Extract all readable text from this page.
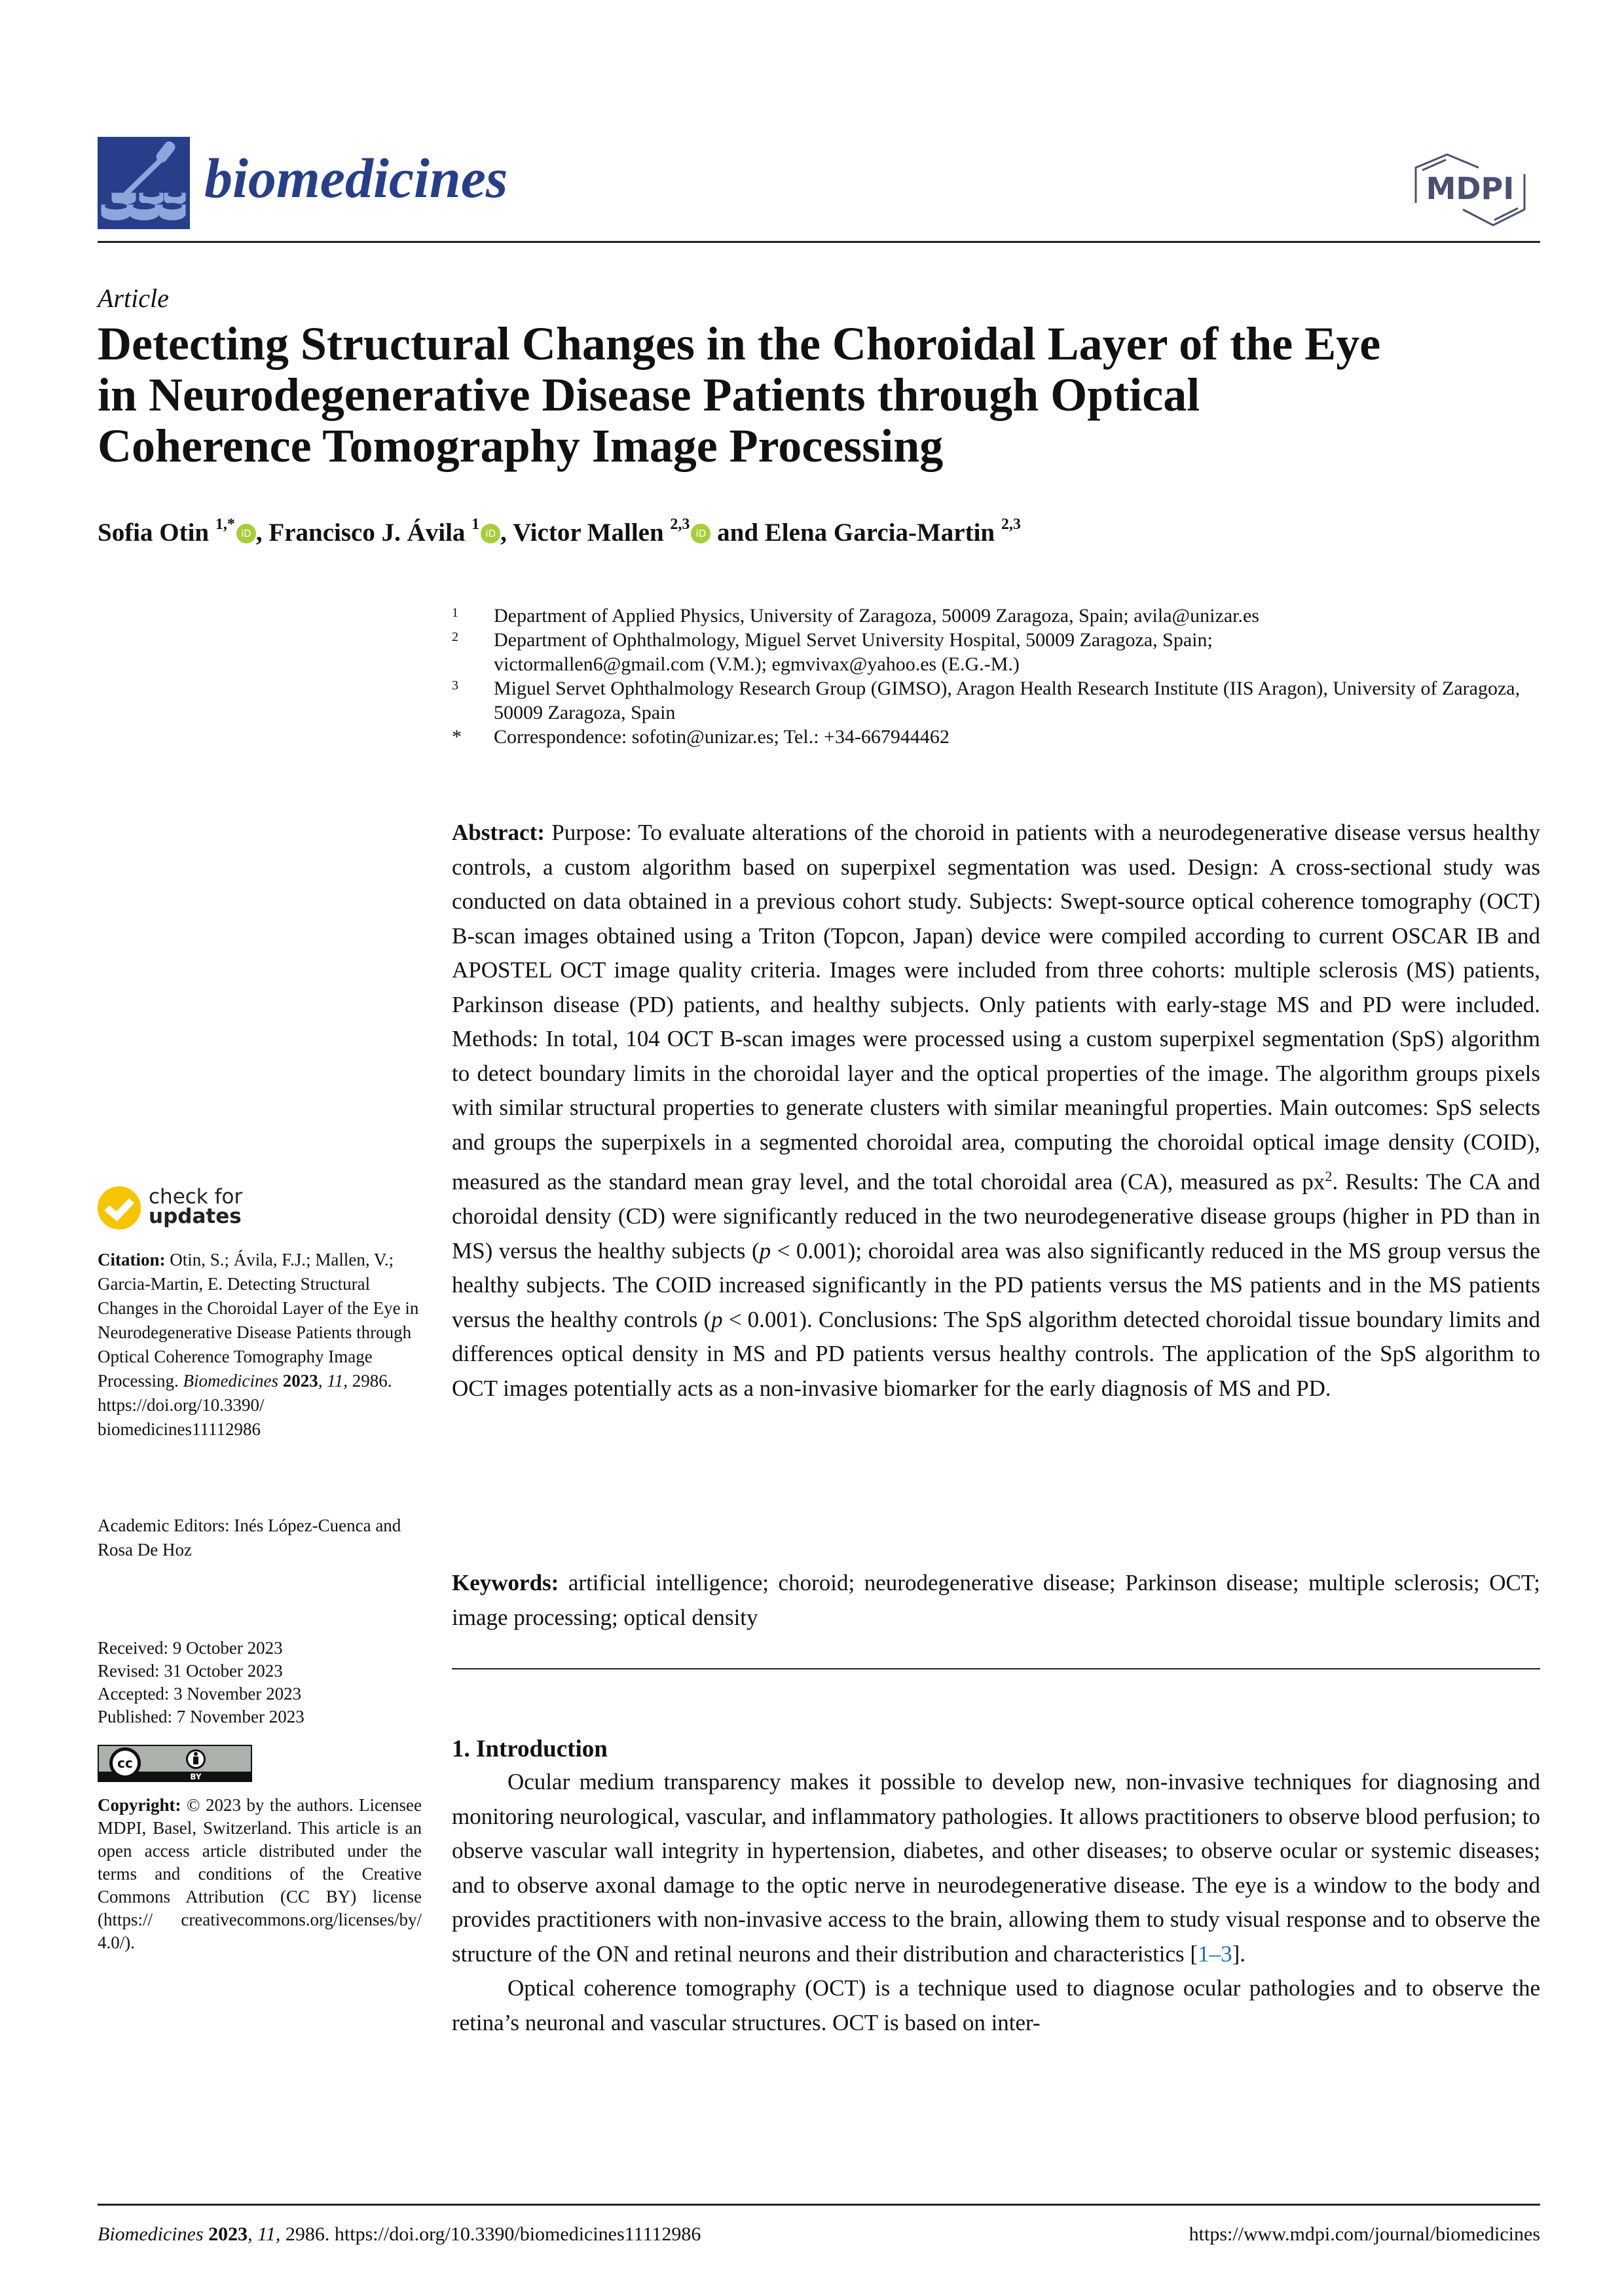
biomedicines	MDPI
Article
Detecting Structural Changes in the Choroidal Layer of the Eye
in Neurodegenerative Disease Patients through Optical
Coherence Tomography Image Processing
Sofia Otin $^{1,*}$iD , Francisco J. Ávila $^1$iD , Victor Mallen $^{2,3}$iD and Elena Garcia-Martin $^{2,3}$
1	Department of Applied Physics, University of Zaragoza, 50009 Zaragoza, Spain; avila@unizar.es
2	Department of Ophthalmology, Miguel Servet University Hospital, 50009 Zaragoza, Spain; victormallen6@gmail.com (V.M.); egmvivax@yahoo.es (E.G.-M.)
3	Miguel Servet Ophthalmology Research Group (GIMSO), Aragon Health Research Institute (IIS Aragon), University of Zaragoza, 50009 Zaragoza, Spain
*	Correspondence: sofotin@unizar.es; Tel.: +34-667944462
Abstract: Purpose: To evaluate alterations of the choroid in patients with a neurodegenerative disease versus healthy controls, a custom algorithm based on superpixel segmentation was used. Design: A cross-sectional study was conducted on data obtained in a previous cohort study. Subjects: Swept-source optical coherence tomography (OCT) B-scan images obtained using a Triton (Topcon, Japan) device were compiled according to current OSCAR IB and APOSTEL OCT image quality criteria. Images were included from three cohorts: multiple sclerosis (MS) patients, Parkinson disease (PD) patients, and healthy subjects. Only patients with early-stage MS and PD were included. Methods: In total, 104 OCT B-scan images were processed using a custom superpixel segmentation (SpS) algorithm to detect boundary limits in the choroidal layer and the optical properties of the image. The algorithm groups pixels with similar structural properties to generate clusters with similar meaningful properties. Main outcomes: SpS selects and groups the superpixels in a segmented choroidal area, computing the choroidal optical image density (COID), measured as the standard mean gray level, and the total choroidal area (CA), measured as $px^2$. Results: The CA and choroidal density (CD) were significantly reduced in the two neurodegenerative disease groups (higher in PD than in MS) versus the healthy subjects (p < 0.001); choroidal area was also significantly reduced in the MS group versus the healthy subjects. The COID increased significantly in the PD patients versus the MS patients and in the MS patients versus the healthy controls (p < 0.001). Conclusions: The SpS algorithm detected choroidal tissue boundary limits and differences optical density in MS and PD patients versus healthy controls. The application of the SpS algorithm to OCT images potentially acts as a non-invasive biomarker for the early diagnosis of MS and PD.
Keywords: artificial intelligence; choroid; neurodegenerative disease; Parkinson disease; multiple sclerosis; OCT; image processing; optical density
1. Introduction
Ocular medium transparency makes it possible to develop new, non-invasive techniques for diagnosing and monitoring neurological, vascular, and inflammatory pathologies. It allows practitioners to observe blood perfusion; to observe vascular wall integrity in hypertension, diabetes, and other diseases; to observe ocular or systemic diseases; and to observe axonal damage to the optic nerve in neurodegenerative disease. The eye is a window to the body and provides practitioners with non-invasive access to the brain, allowing them to study visual response and to observe the structure of the ON and retinal neurons and their distribution and characteristics [1–3].
Optical coherence tomography (OCT) is a technique used to diagnose ocular pathologies and to observe the retina’s neuronal and vascular structures. OCT is based on inter-
check for
updates
Citation: Otin, S.; Ávila, F.J.; Mallen, V.; Garcia-Martin, E. Detecting Structural Changes in the Choroidal Layer of the Eye in Neurodegenerative Disease Patients through Optical Coherence Tomography Image Processing. Biomedicines 2023, 11, 2986. https://doi.org/10.3390/ biomedicines11112986
Academic Editors: Inés López-Cuenca and Rosa De Hoz
Received: 9 October 2023
Revised: 31 October 2023
Accepted: 3 November 2023
Published: 7 November 2023
cc
BY
Copyright: © 2023 by the authors. Licensee MDPI, Basel, Switzerland. This article is an open access article distributed under the terms and conditions of the Creative Commons Attribution (CC BY) license (https:// creativecommons.org/licenses/by/ 4.0/).
Biomedicines 2023, 11, 2986. https://doi.org/10.3390/biomedicines11112986	https://www.mdpi.com/journal/biomedicines
